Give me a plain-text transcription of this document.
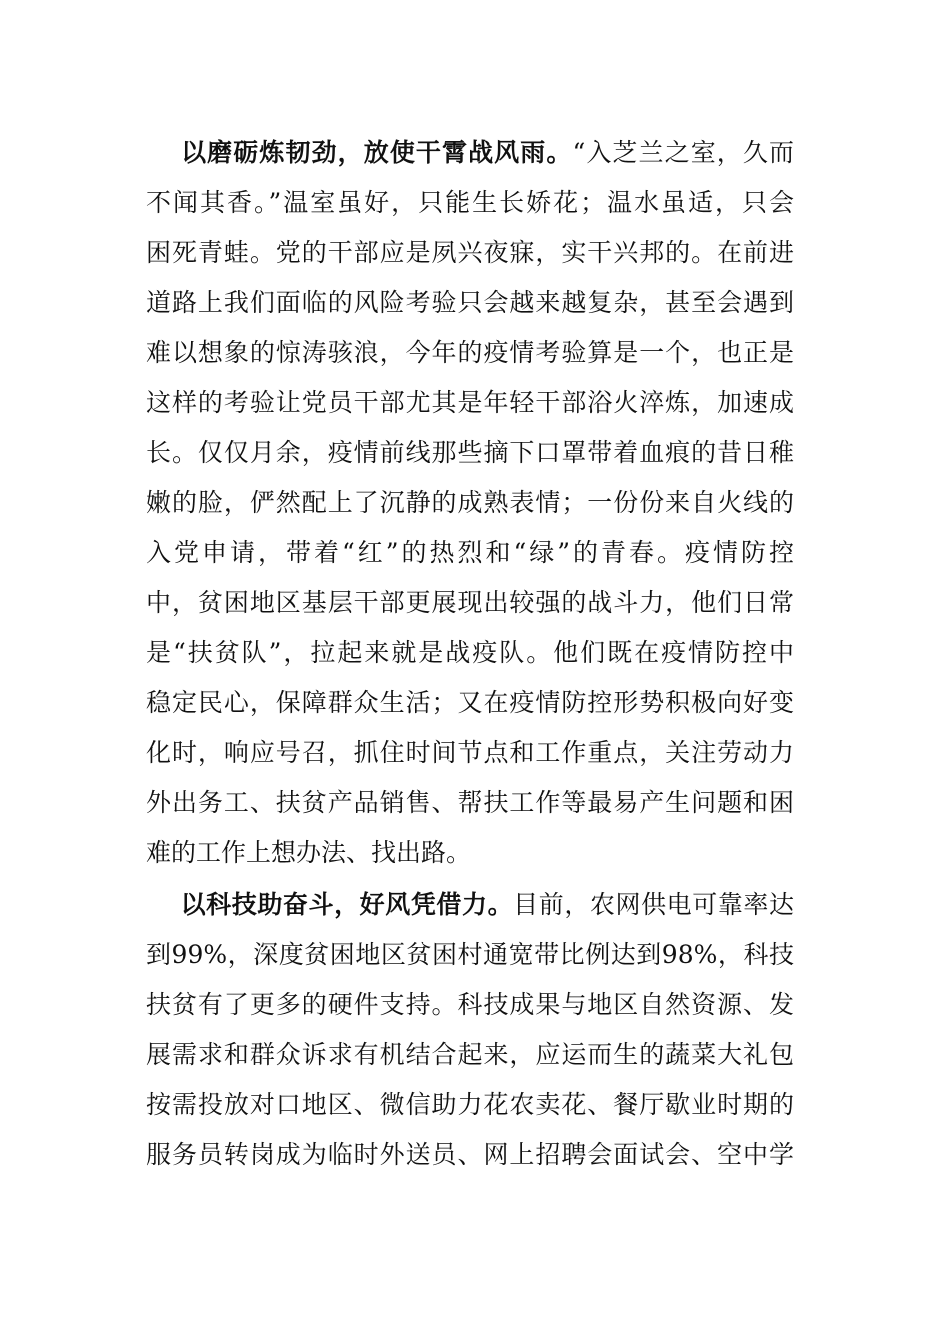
以磨砺炼韧劲，放使干霄战风雨。“入芝兰之室，久而
不闻其香。”温室虽好，只能生长娇花；温水虽适，只会
困死青蛙。党的干部应是夙兴夜寐，实干兴邦的。在前进
道路上我们面临的风险考验只会越来越复杂，甚至会遇到
难以想象的惊涛骇浪，今年的疫情考验算是一个，也正是
这样的考验让党员干部尤其是年轻干部浴火淬炼，加速成
长。仅仅月余，疫情前线那些摘下口罩带着血痕的昔日稚
嫩的脸，俨然配上了沉静的成熟表情；一份份来自火线的
入党申请，带着“红”的热烈和“绿”的青春。疫情防控
中，贫困地区基层干部更展现出较强的战斗力，他们日常
是“扶贫队”，拉起来就是战疫队。他们既在疫情防控中
稳定民心，保障群众生活；又在疫情防控形势积极向好变
化时，响应号召，抓住时间节点和工作重点，关注劳动力
外出务工、扶贫产品销售、帮扶工作等最易产生问题和困
难的工作上想办法、找出路。
以科技助奋斗，好风凭借力。目前，农网供电可靠率达
到99%，深度贫困地区贫困村通宽带比例达到98%，科技
扶贫有了更多的硬件支持。科技成果与地区自然资源、发
展需求和群众诉求有机结合起来，应运而生的蔬菜大礼包
按需投放对口地区、微信助力花农卖花、餐厅歇业时期的
服务员转岗成为临时外送员、网上招聘会面试会、空中学
